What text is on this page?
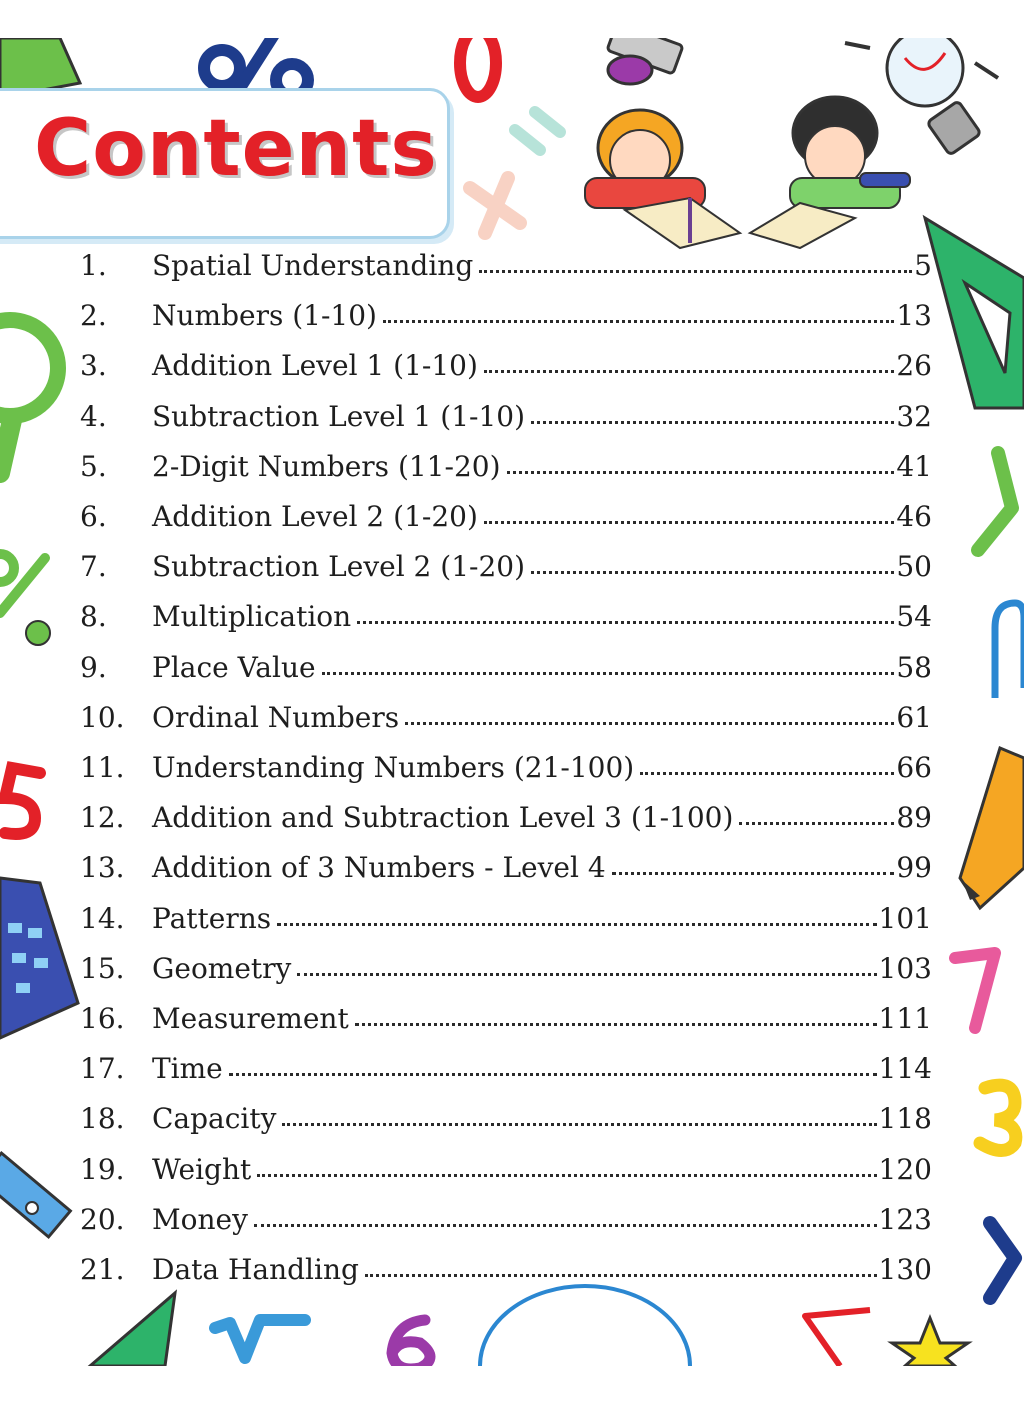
Contents
1.	Spatial Understanding	5
2.	Numbers (1-10)	13
3.	Addition Level 1 (1-10)	26
4.	Subtraction Level 1 (1-10)	32
5.	2-Digit Numbers (11-20)	41
6.	Addition Level 2 (1-20)	46
7.	Subtraction Level 2 (1-20)	50
8.	Multiplication	54
9.	Place Value	58
10. Ordinal Numbers	61
11. Understanding Numbers (21-100)	66
12. Addition and Subtraction Level 3 (1-100)	89
13. Addition of 3 Numbers - Level 4	99
14. Patterns	101
15. Geometry	103
16. Measurement	111
17. Time	114
18. Capacity	118
19. Weight	120
20. Money	123
21. Data Handling	130
